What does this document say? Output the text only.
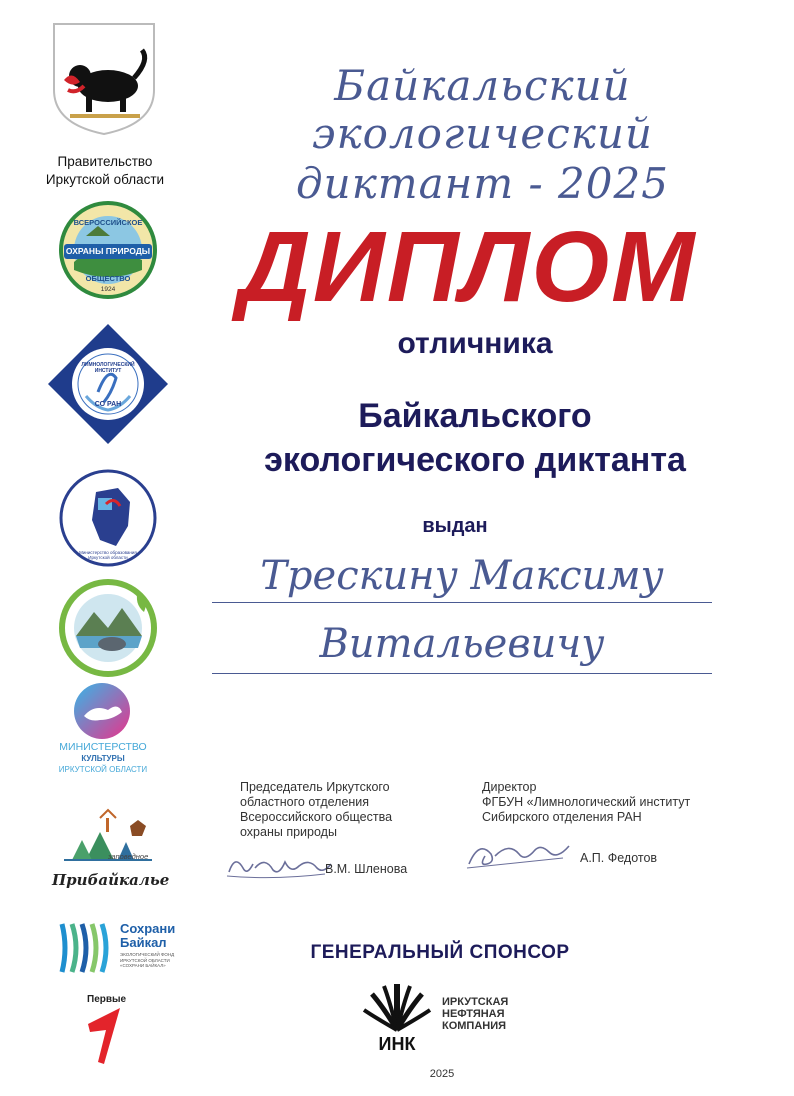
Правительство
Иркутской области
ВСЕРОССИЙСКОЕ
ОХРАНЫ ПРИРОДЫ
ОБЩЕСТВО
1924
ЛИМНОЛОГИЧЕСКИЙ ИНСТИТУТ
СО РАН
Министерство образования Иркутской области
МИНИСТЕРСТВО
КУЛЬТУРЫ
ИРКУТСКОЙ ОБЛАСТИ
заповедное
Прибайкалье
Сохрани
Байкал
ЭКОЛОГИЧЕСКИЙ ФОНД
ИРКУТСКОЙ ОБЛАСТИ
«СОХРАНИ БАЙКАЛ»
Первые
Байкальский экологический
диктант - 2025
ДИПЛОМ
отличника
Байкальского
экологического диктанта
выдан
Трескину Максиму
Витальевичу
Председатель Иркутского
областного отделения
Всероссийского общества
охраны природы
В.М. Шленова
Директор
ФГБУН «Лимнологический институт
Сибирского отделения РАН
А.П. Федотов
ГЕНЕРАЛЬНЫЙ СПОНСОР
ИНК
ИРКУТСКАЯ
НЕФТЯНАЯ
КОМПАНИЯ
2025
